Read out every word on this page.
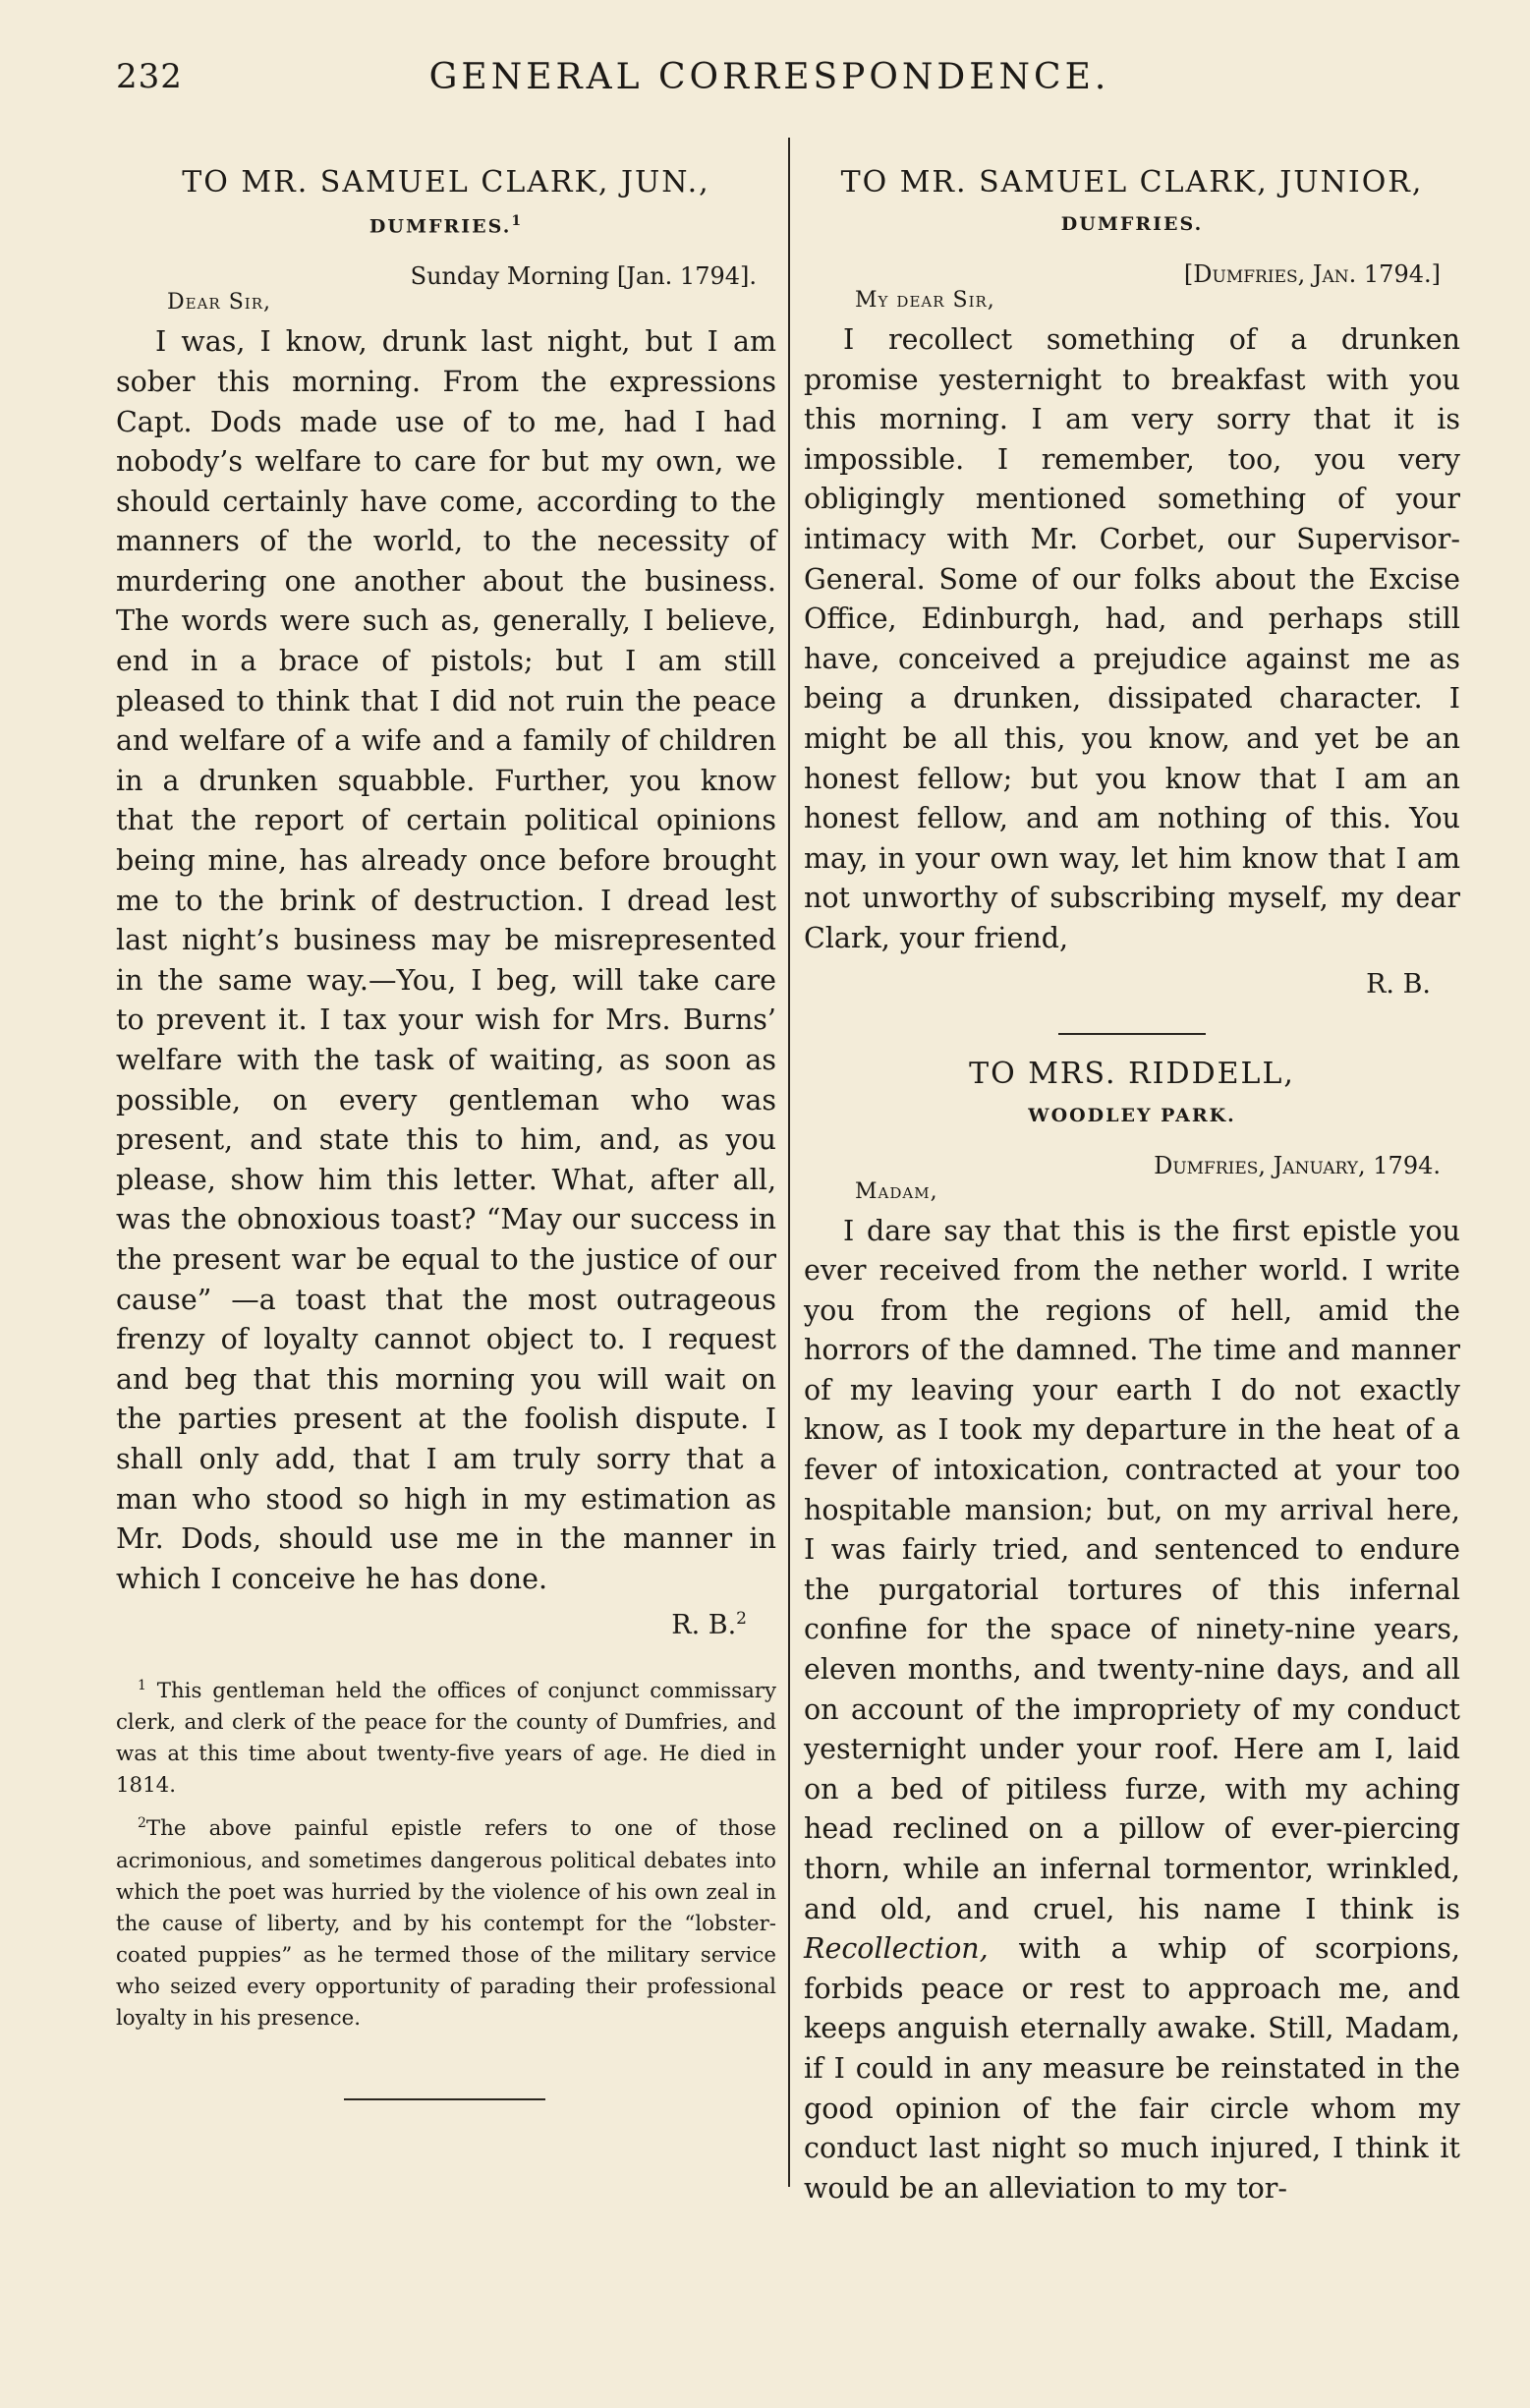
232	GENERAL CORRESPONDENCE.
TO MR. SAMUEL CLARK, JUN.,
DUMFRIES.$^1$
Sunday Morning [Jan. 1794].
Dear Sir,

I was, I know, drunk last night, but I am sober this morning. From the expressions Capt. Dods made use of to me, had I had nobody’s welfare to care for but my own, we should certainly have come, according to the manners of the world, to the necessity of murdering one another about the business. The words were such as, generally, I believe, end in a brace of pistols; but I am still pleased to think that I did not ruin the peace and welfare of a wife and a family of children in a drunken squabble. Further, you know that the report of certain political opinions being mine, has already once before brought me to the brink of destruction. I dread lest last night’s business may be misrepresented in the same way.—You, I beg, will take care to prevent it. I tax your wish for Mrs. Burns’ welfare with the task of waiting, as soon as possible, on every gentleman who was present, and state this to him, and, as you please, show him this letter. What, after all, was the obnoxious toast? “May our success in the present war be equal to the justice of our cause” —a toast that the most outrageous frenzy of loyalty cannot object to. I request and beg that this morning you will wait on the parties present at the foolish dispute. I shall only add, that I am truly sorry that a man who stood so high in my estimation as Mr. Dods, should use me in the manner in which I conceive he has done.

R. B.$^2$

$^1$ This gentleman held the offices of conjunct commissary clerk, and clerk of the peace for the county of Dumfries, and was at this time about twenty-five years of age. He died in 1814.

$^2$The above painful epistle refers to one of those acrimonious, and sometimes dangerous political debates into which the poet was hurried by the violence of his own zeal in the cause of liberty, and by his contempt for the “lobster-coated puppies” as he termed those of the military service who seized every opportunity of parading their professional loyalty in his presence.

TO MR. SAMUEL CLARK, JUNIOR,
DUMFRIES.
[Dumfries, Jan. 1794.]
My dear Sir,

I recollect something of a drunken promise yesternight to breakfast with you this morning. I am very sorry that it is impossible. I remember, too, you very obligingly mentioned something of your intimacy with Mr. Corbet, our Supervisor-General. Some of our folks about the Excise Office, Edinburgh, had, and perhaps still have, conceived a prejudice against me as being a drunken, dissipated character. I might be all this, you know, and yet be an honest fellow; but you know that I am an honest fellow, and am nothing of this. You may, in your own way, let him know that I am not unworthy of subscribing myself, my dear Clark, your friend,

R. B.
TO MRS. RIDDELL,
WOODLEY PARK.
Dumfries, January, 1794.
Madam,

I dare say that this is the first epistle you ever received from the nether world. I write you from the regions of hell, amid the horrors of the damned. The time and manner of my leaving your earth I do not exactly know, as I took my departure in the heat of a fever of intoxication, contracted at your too hospitable mansion; but, on my arrival here, I was fairly tried, and sentenced to endure the purgatorial tortures of this infernal confine for the space of ninety-nine years, eleven months, and twenty-nine days, and all on account of the impropriety of my conduct yesternight under your roof. Here am I, laid on a bed of pitiless furze, with my aching head reclined on a pillow of ever-piercing thorn, while an infernal tormentor, wrinkled, and old, and cruel, his name I think is Recollection, with a whip of scorpions, forbids peace or rest to approach me, and keeps anguish eternally awake. Still, Madam, if I could in any measure be reinstated in the good opinion of the fair circle whom my conduct last night so much injured, I think it would be an alleviation to my tor-
